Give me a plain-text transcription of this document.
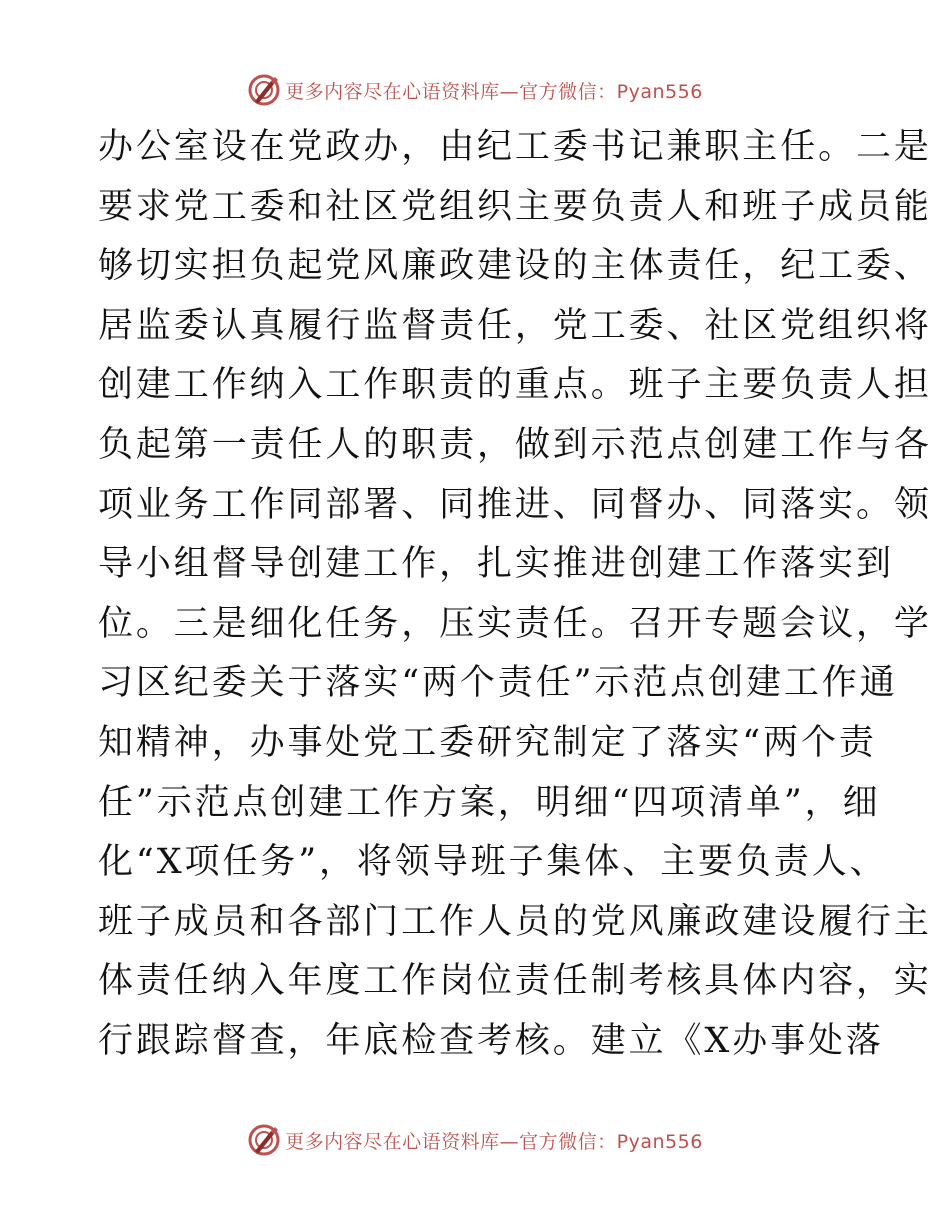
更多内容尽在心语资料库—官方微信：Pyan556
办公室设在党政办，由纪工委书记兼职主任。二是
要求党工委和社区党组织主要负责人和班子成员能
够切实担负起党风廉政建设的主体责任，纪工委、
居监委认真履行监督责任，党工委、社区党组织将
创建工作纳入工作职责的重点。班子主要负责人担
负起第一责任人的职责，做到示范点创建工作与各
项业务工作同部署、同推进、同督办、同落实。领
导小组督导创建工作，扎实推进创建工作落实到
位。三是细化任务，压实责任。召开专题会议，学
习区纪委关于落实“两个责任”示范点创建工作通
知精神，办事处党工委研究制定了落实“两个责
任”示范点创建工作方案，明细“四项清单”，细
化“X项任务”，将领导班子集体、主要负责人、
班子成员和各部门工作人员的党风廉政建设履行主
体责任纳入年度工作岗位责任制考核具体内容，实
行跟踪督查，年底检查考核。建立《X办事处落
更多内容尽在心语资料库—官方微信：Pyan556
